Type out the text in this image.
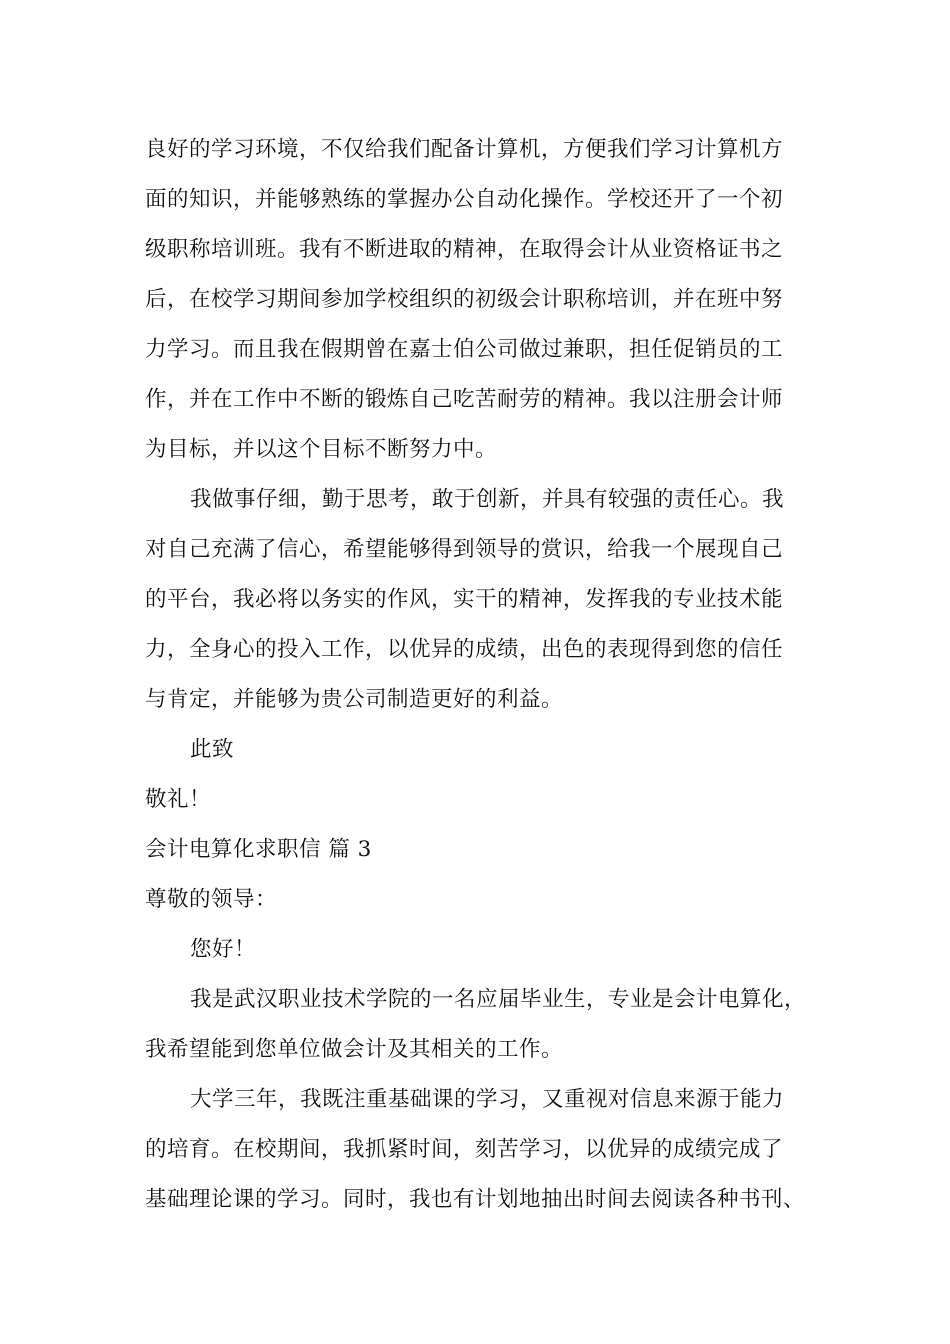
良好的学习环境，不仅给我们配备计算机，方便我们学习计算机方
面的知识，并能够熟练的掌握办公自动化操作。学校还开了一个初
级职称培训班。我有不断进取的精神，在取得会计从业资格证书之
后，在校学习期间参加学校组织的初级会计职称培训，并在班中努
力学习。而且我在假期曾在嘉士伯公司做过兼职，担任促销员的工
作，并在工作中不断的锻炼自己吃苦耐劳的精神。我以注册会计师
为目标，并以这个目标不断努力中。
我做事仔细，勤于思考，敢于创新，并具有较强的责任心。我
对自己充满了信心，希望能够得到领导的赏识，给我一个展现自己
的平台，我必将以务实的作风，实干的精神，发挥我的专业技术能
力，全身心的投入工作，以优异的成绩，出色的表现得到您的信任
与肯定，并能够为贵公司制造更好的利益。
此致
敬礼！
会计电算化求职信 篇 3
尊敬的领导：
您好！
我是武汉职业技术学院的一名应届毕业生，专业是会计电算化，
我希望能到您单位做会计及其相关的工作。
大学三年，我既注重基础课的学习，又重视对信息来源于能力
的培育。在校期间，我抓紧时间，刻苦学习，以优异的成绩完成了
基础理论课的学习。同时，我也有计划地抽出时间去阅读各种书刊、
